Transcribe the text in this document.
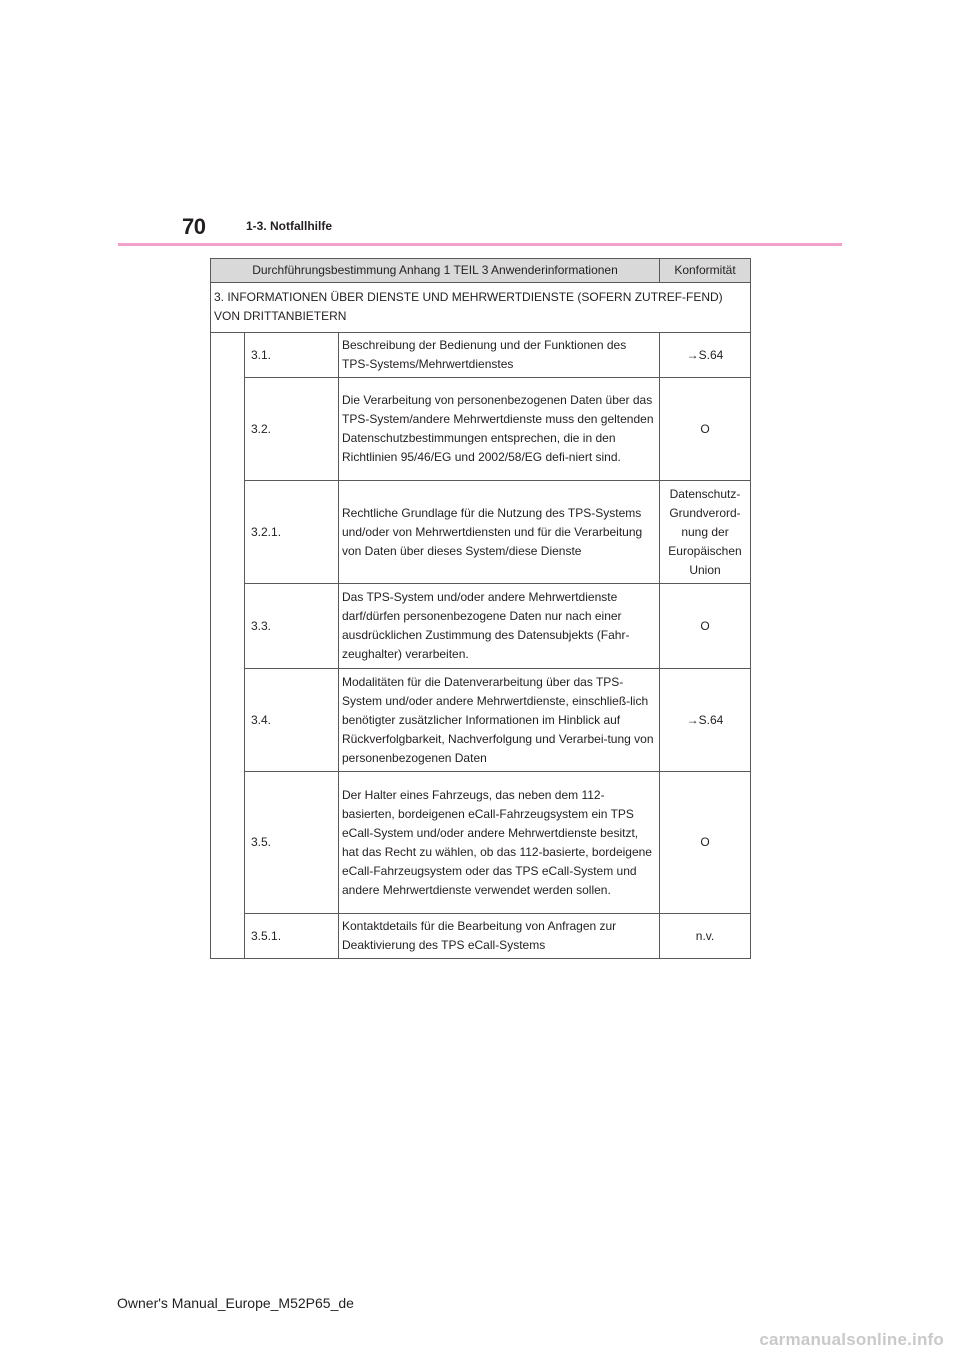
70	1-3. Notfallhilfe
Durchführungsbestimmung Anhang 1 TEIL 3 Anwenderinformationen			Konformität
3. INFORMATIONEN ÜBER DIENSTE UND MEHRWERTDIENSTE (SOFERN ZUTREF-FEND) VON DRITTANBIETERN			
	3.1.	Beschreibung der Bedienung und der Funktionen des TPS-Systems/Mehrwertdienstes	→S.64
	3.2.	Die Verarbeitung von personenbezogenen Daten über das TPS-System/andere Mehrwertdienste muss den geltenden Datenschutzbestimmungen entsprechen, die in den Richtlinien 95/46/EG und 2002/58/EG defi-niert sind.	O
	3.2.1.	Rechtliche Grundlage für die Nutzung des TPS-Systems und/oder von Mehrwertdiensten und für die Verarbeitung von Daten über dieses System/diese Dienste	Datenschutz-Grundverord-nung der Europäischen Union
	3.3.	Das TPS-System und/oder andere Mehrwertdienste darf/dürfen personenbezogene Daten nur nach einer ausdrücklichen Zustimmung des Datensubjekts (Fahr-zeughalter) verarbeiten.	O
	3.4.	Modalitäten für die Datenverarbeitung über das TPS-System und/oder andere Mehrwertdienste, einschließ-lich benötigter zusätzlicher Informationen im Hinblick auf Rückverfolgbarkeit, Nachverfolgung und Verarbei-tung von personenbezogenen Daten	→S.64
	3.5.	Der Halter eines Fahrzeugs, das neben dem 112-basierten, bordeigenen eCall-Fahrzeugsystem ein TPS eCall-System und/oder andere Mehrwertdienste besitzt, hat das Recht zu wählen, ob das 112-basierte, bordeigene eCall-Fahrzeugsystem oder das TPS eCall-System und andere Mehrwertdienste verwendet werden sollen.	O
	3.5.1.	Kontaktdetails für die Bearbeitung von Anfragen zur Deaktivierung des TPS eCall-Systems	n.v.
Owner's Manual_Europe_M52P65_de
carmanualsonline.info
